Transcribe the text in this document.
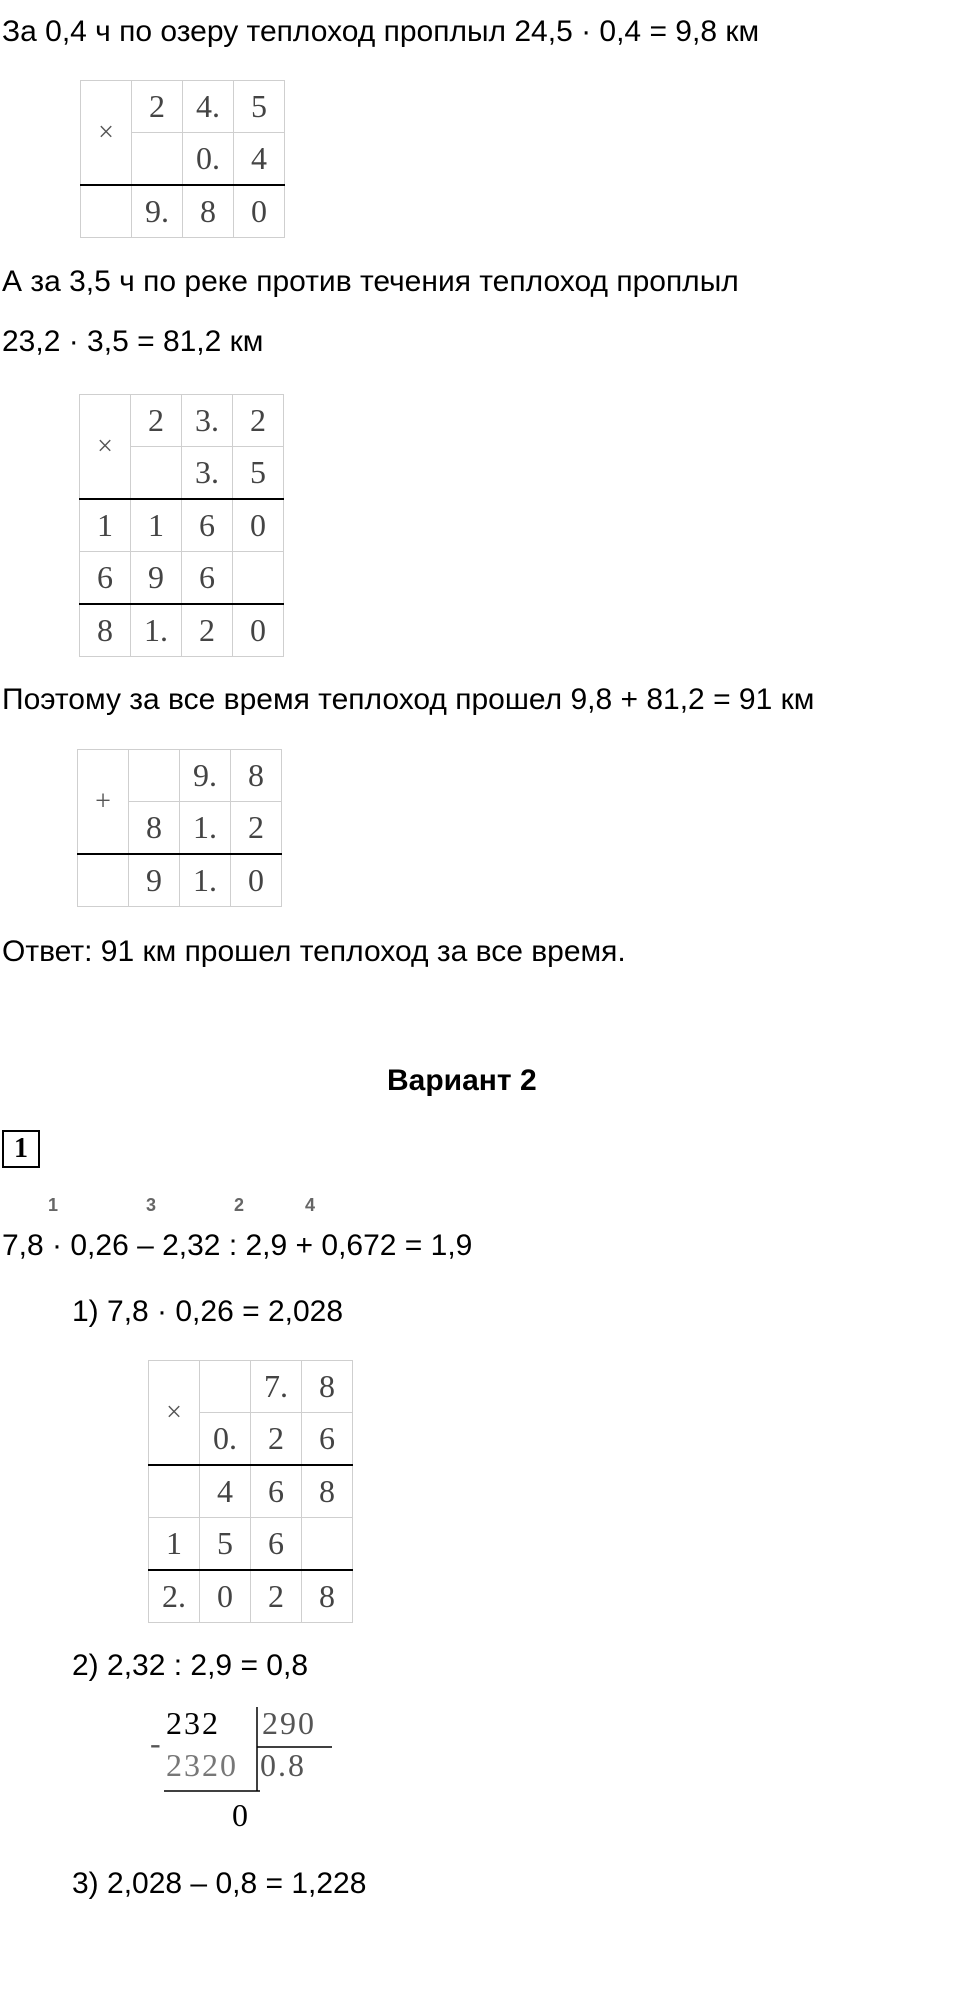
За 0,4 ч по озеру теплоход проплыл 24,5 · 0,4 = 9,8 км
×	2	4.	5
		0.	4
	9.	8	0
А за 3,5 ч по реке против течения теплоход проплыл
23,2 · 3,5 = 81,2 км
×	2	3.	2
		3.	5
1	1	6	0
6	9	6	
8	1.	2	0
Поэтому за все время теплоход прошел 9,8 + 81,2 = 91 км
+		9.	8
	8	1.	2
	9	1.	0
Ответ: 91 км прошел теплоход за все время.
Вариант 2
1
1	3	2	4
7,8 · 0,26 – 2,32 : 2,9 + 0,672 = 1,9
1) 7,8 · 0,26 = 2,028
×		7.	8
	0.	2	6
	4	6	8
1	5	6	
2.	0	2	8
2) 2,32 : 2,9 = 0,8
-
232 290
2320 0.8
0
3) 2,028 – 0,8 = 1,228
